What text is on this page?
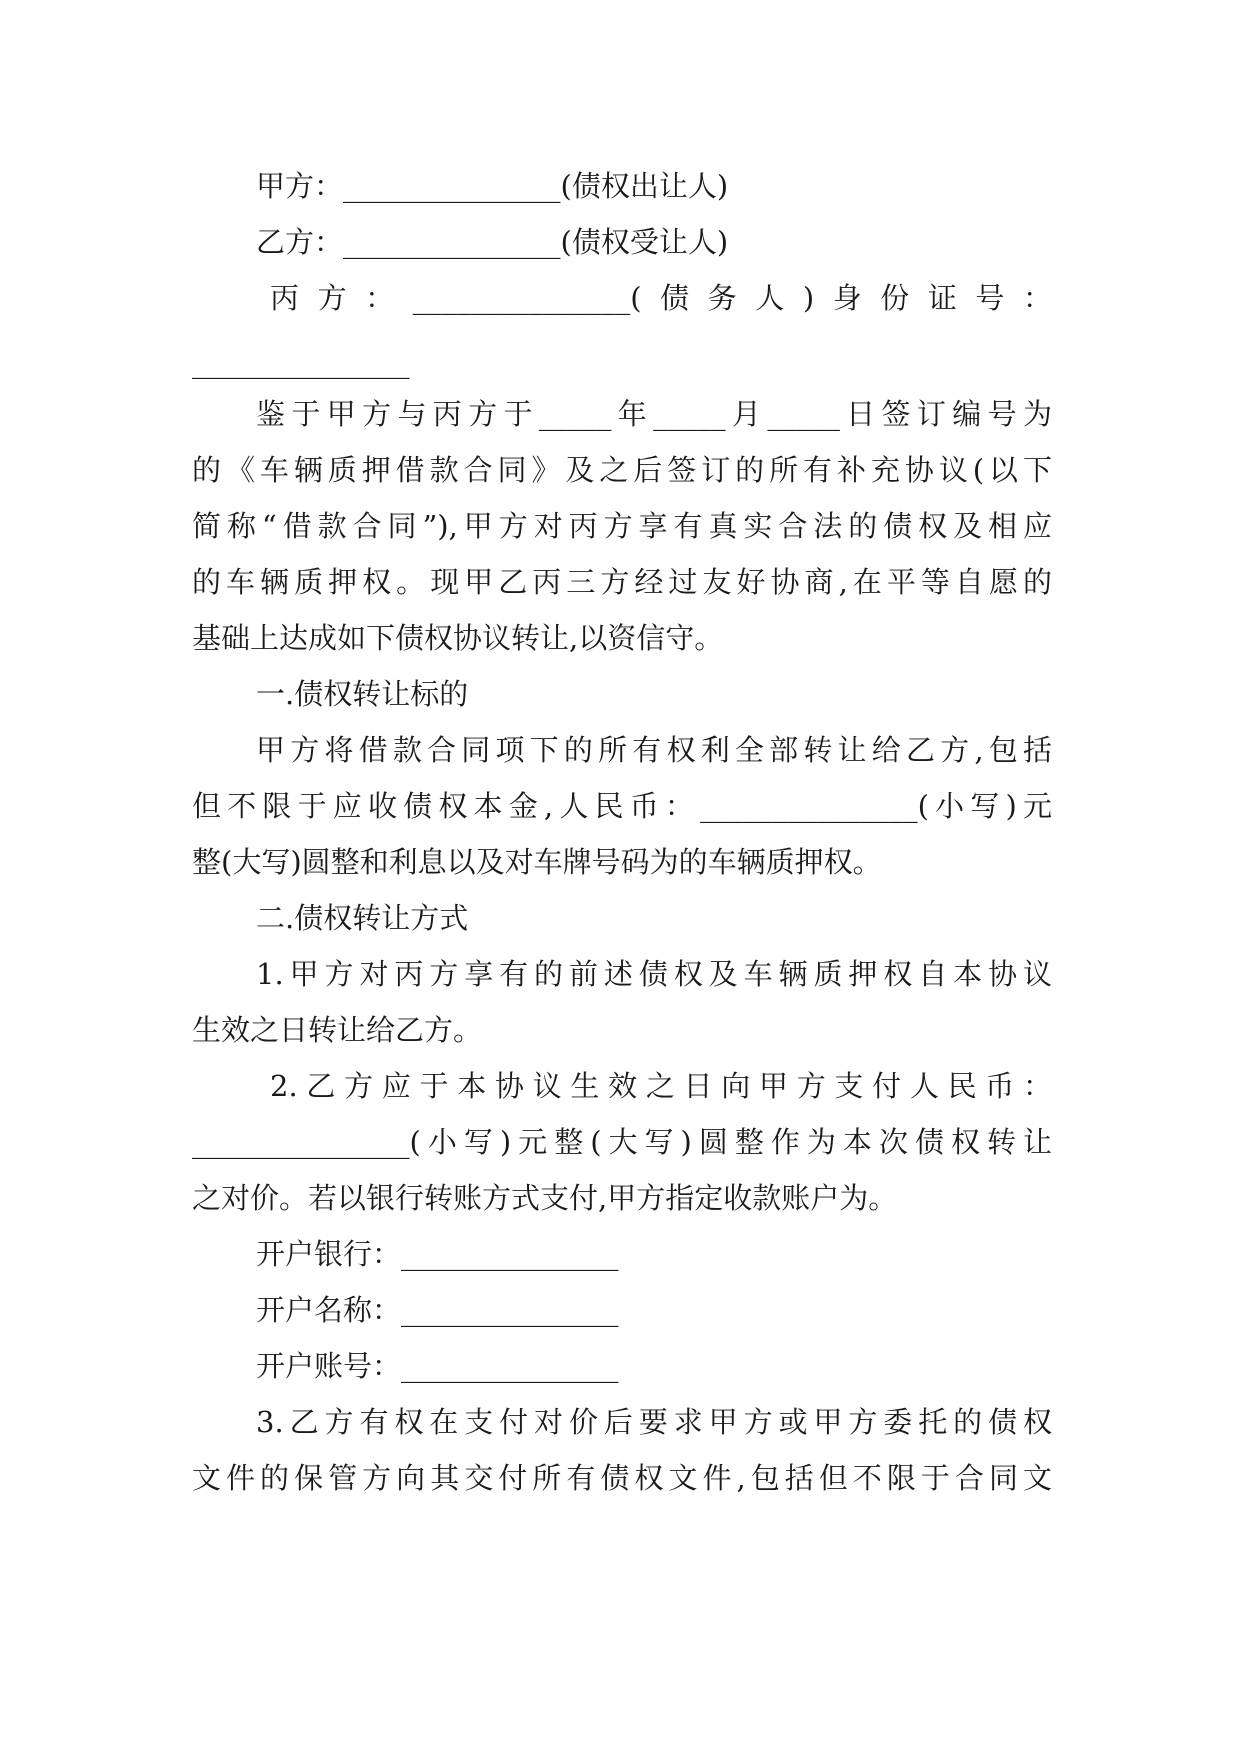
甲方：_______________(债权出让人)
乙方：_______________(债权受让人)
丙方：_______________(债务人)身份证号：
_______________
鉴于甲方与丙方于_____年_____月_____日签订编号为
的《车辆质押借款合同》及之后签订的所有补充协议(以下
简称“借款合同”),甲方对丙方享有真实合法的债权及相应
的车辆质押权。现甲乙丙三方经过友好协商,在平等自愿的
基础上达成如下债权协议转让,以资信守。
一.债权转让标的
甲方将借款合同项下的所有权利全部转让给乙方,包括
但不限于应收债权本金,人民币：_______________(小写)元
整(大写)圆整和利息以及对车牌号码为的车辆质押权。
二.债权转让方式
1.甲方对丙方享有的前述债权及车辆质押权自本协议
生效之日转让给乙方。
2.乙方应于本协议生效之日向甲方支付人民币：
_______________(小写)元整(大写)圆整作为本次债权转让
之对价。若以银行转账方式支付,甲方指定收款账户为。
开户银行：_______________
开户名称：_______________
开户账号：_______________
3.乙方有权在支付对价后要求甲方或甲方委托的债权
文件的保管方向其交付所有债权文件,包括但不限于合同文
